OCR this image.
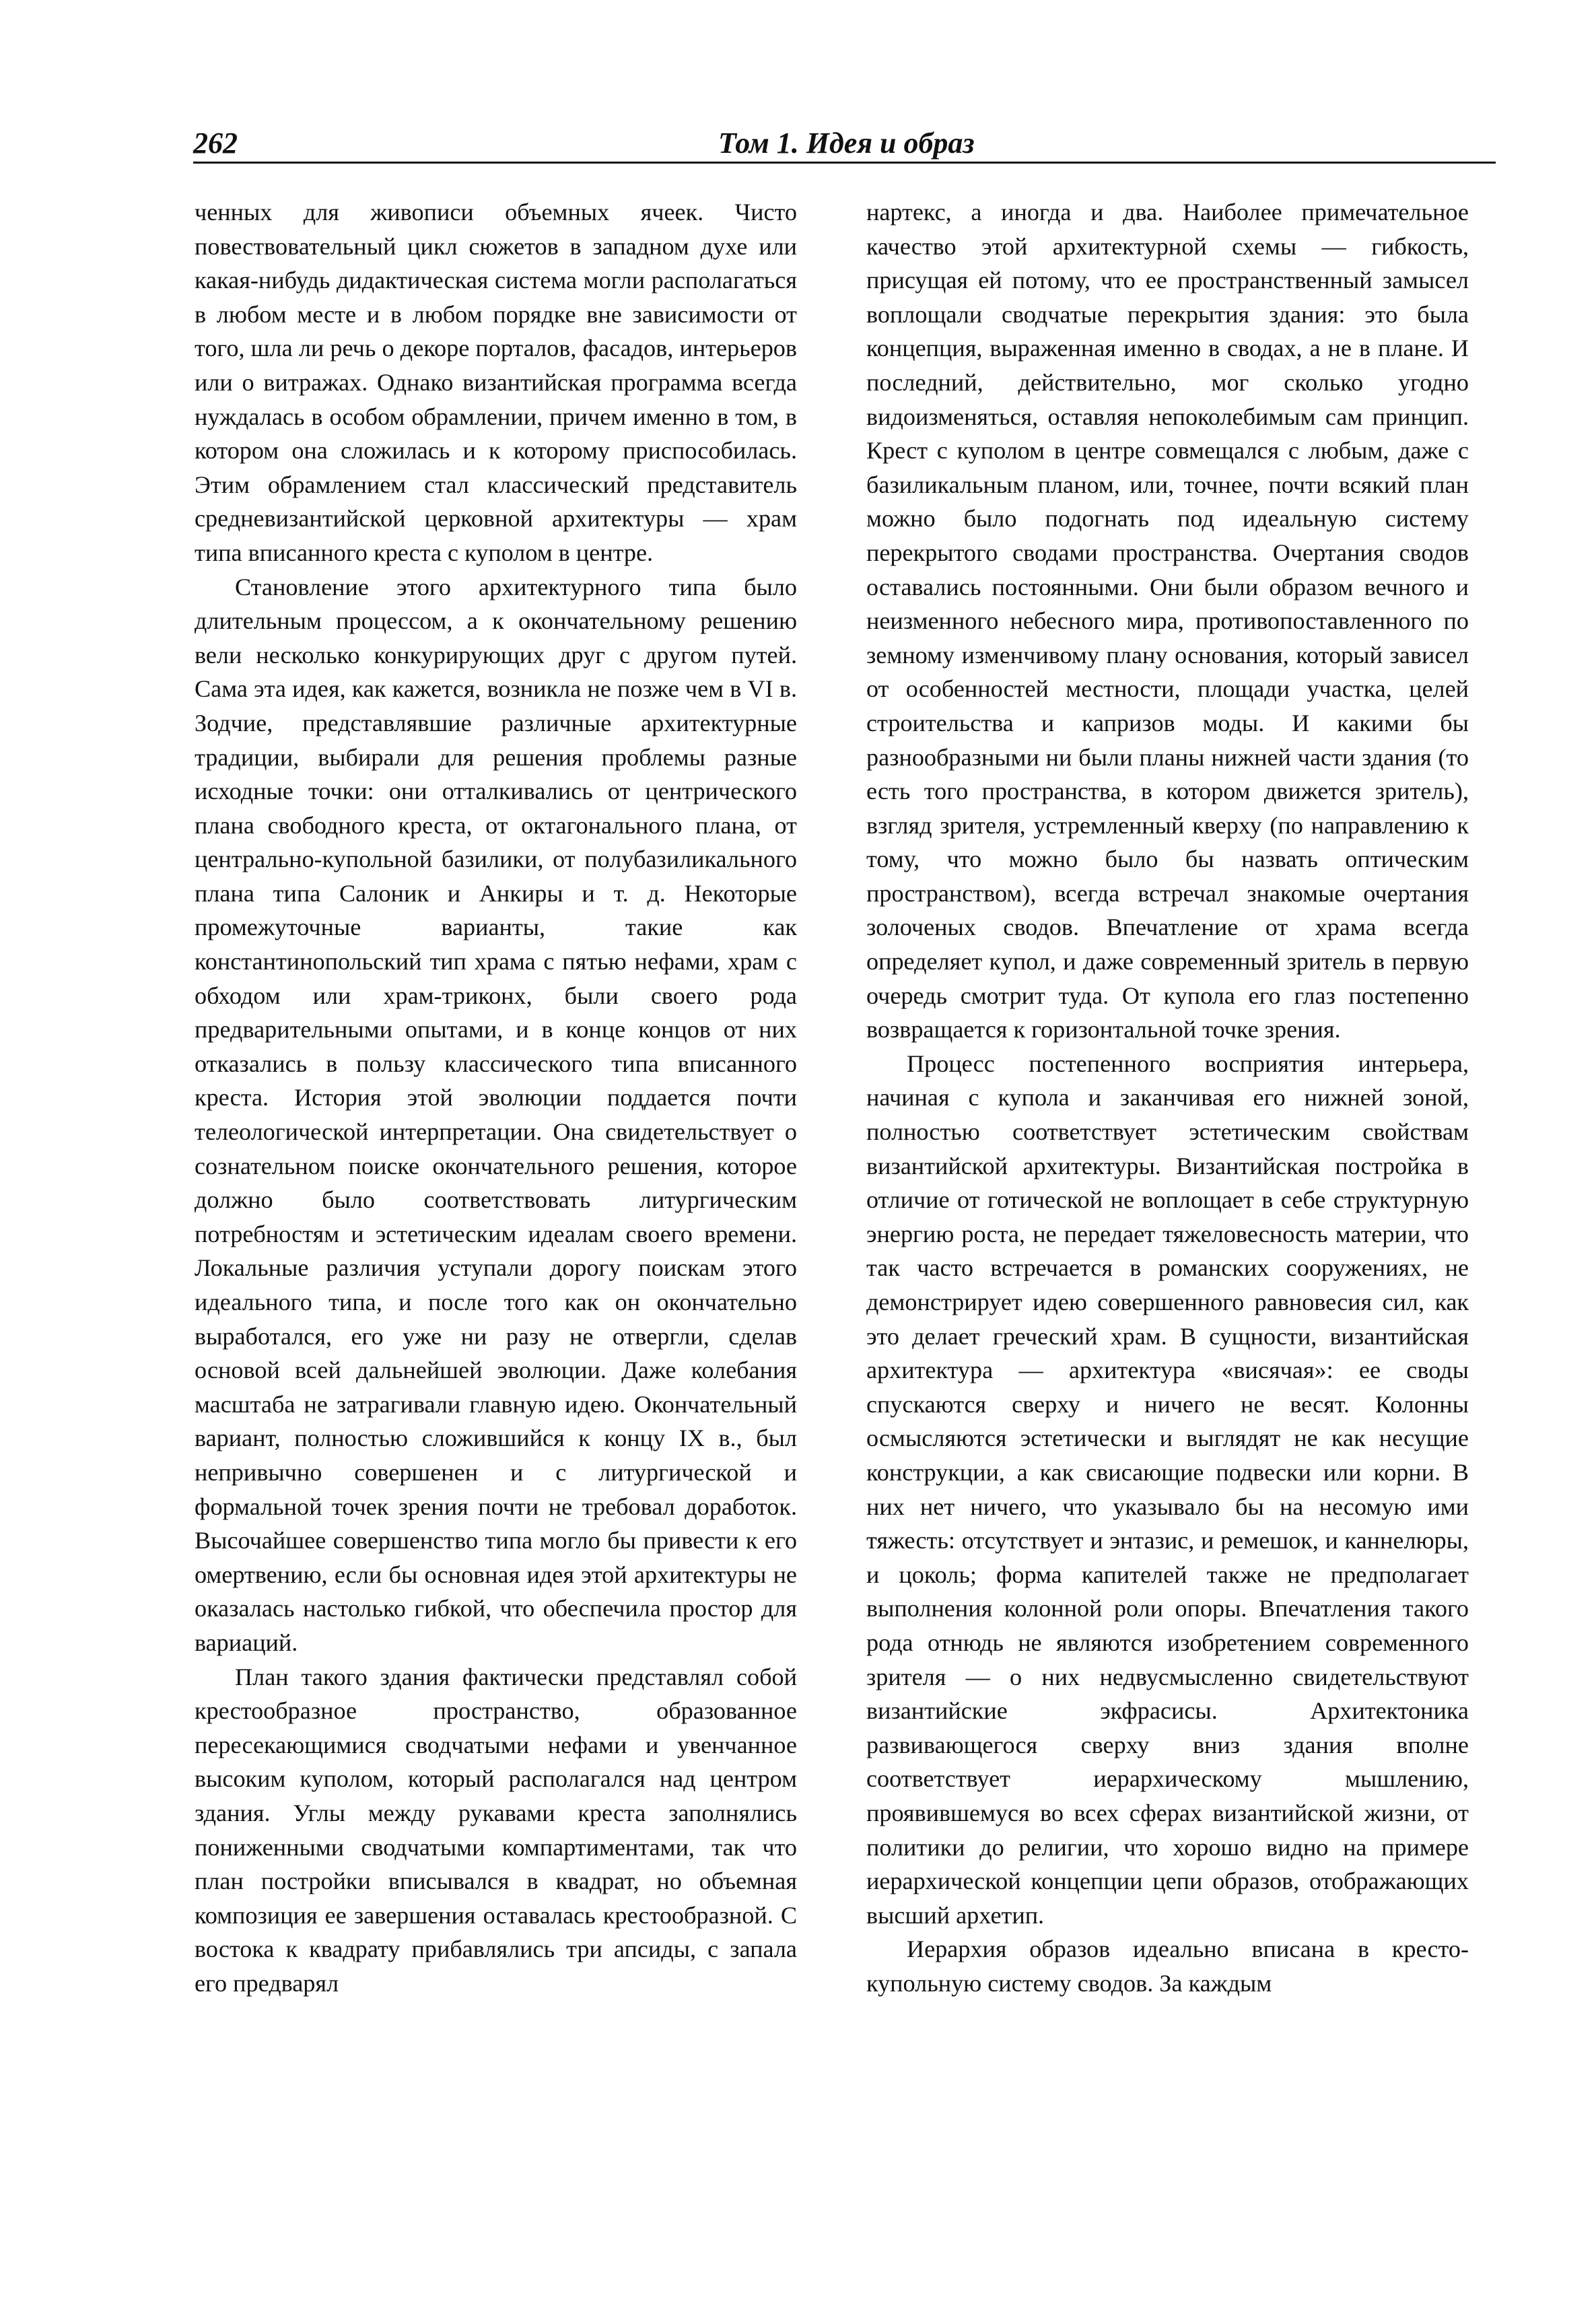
262	Том 1. Идея и образ

ченных для живописи объемных ячеек. Чисто повествовательный цикл сюжетов в западном духе или какая-нибудь дидактическая система могли располагаться в любом месте и в любом порядке вне зависимости от того, шла ли речь о декоре порталов, фасадов, интерьеров или о витражах. Однако византийская программа всегда нуждалась в особом обрамлении, причем именно в том, в котором она сложилась и к которому приспособилась. Этим обрамлением стал классический представитель средневизантийской церковной архитектуры — храм типа вписанного креста с куполом в центре.

Становление этого архитектурного типа было длительным процессом, а к окончательному решению вели несколько конкурирующих друг с другом путей. Сама эта идея, как кажется, возникла не позже чем в VI в. Зодчие, представлявшие различные архитектурные традиции, выбирали для решения проблемы разные исходные точки: они отталкивались от центрического плана свободного креста, от октагонального плана, от центрально-купольной базилики, от полубазиликального плана типа Салоник и Анкиры и т. д. Некоторые промежуточные варианты, такие как константинопольский тип храма с пятью нефами, храм с обходом или храм-триконх, были своего рода предварительными опытами, и в конце концов от них отказались в пользу классического типа вписанного креста. История этой эволюции поддается почти телеологической интерпретации. Она свидетельствует о сознательном поиске окончательного решения, которое должно было соответствовать литургическим потребностям и эстетическим идеалам своего времени. Локальные различия уступали дорогу поискам этого идеального типа, и после того как он окончательно выработался, его уже ни разу не отвергли, сделав основой всей дальнейшей эволюции. Даже колебания масштаба не затрагивали главную идею. Окончательный вариант, полностью сложившийся к концу IX в., был непривычно совершенен и с литургической и формальной точек зрения почти не требовал доработок. Высочайшее совершенство типа могло бы привести к его омертвению, если бы основная идея этой архитектуры не оказалась настолько гибкой, что обеспечила простор для вариаций.

План такого здания фактически представлял собой крестообразное пространство, образованное пересекающимися сводчатыми нефами и увенчанное высоким куполом, который располагался над центром здания. Углы между рукавами креста заполнялись пониженными сводчатыми компартиментами, так что план постройки вписывался в квадрат, но объемная композиция ее завершения оставалась крестообразной. С востока к квадрату прибавлялись три апсиды, с запала его предварял

нартекс, а иногда и два. Наиболее примечательное качество этой архитектурной схемы — гибкость, присущая ей потому, что ее пространственный замысел воплощали сводчатые перекрытия здания: это была концепция, выраженная именно в сводах, а не в плане. И последний, действительно, мог сколько угодно видоизменяться, оставляя непоколебимым сам принцип. Крест с куполом в центре совмещался с любым, даже с базиликальным планом, или, точнее, почти всякий план можно было подогнать под идеальную систему перекрытого сводами пространства. Очертания сводов оставались постоянными. Они были образом вечного и неизменного небесного мира, противопоставленного по земному изменчивому плану основания, который зависел от особенностей местности, площади участка, целей строительства и капризов моды. И какими бы разнообразными ни были планы нижней части здания (то есть того пространства, в котором движется зритель), взгляд зрителя, устремленный кверху (по направлению к тому, что можно было бы назвать оптическим пространством), всегда встречал знакомые очертания золоченых сводов. Впечатление от храма всегда определяет купол, и даже современный зритель в первую очередь смотрит туда. От купола его глаз постепенно возвращается к горизонтальной точке зрения.

Процесс постепенного восприятия интерьера, начиная с купола и заканчивая его нижней зоной, полностью соответствует эстетическим свойствам византийской архитектуры. Византийская постройка в отличие от готической не воплощает в себе структурную энергию роста, не передает тяжеловесность материи, что так часто встречается в романских сооружениях, не демонстрирует идею совершенного равновесия сил, как это делает греческий храм. В сущности, византийская архитектура — архитектура «висячая»: ее своды спускаются сверху и ничего не весят. Колонны осмысляются эстетически и выглядят не как несущие конструкции, а как свисающие подвески или корни. В них нет ничего, что указывало бы на несомую ими тяжесть: отсутствует и энтазис, и ремешок, и каннелюры, и цоколь; форма капителей также не предполагает выполнения колонной роли опоры. Впечатления такого рода отнюдь не являются изобретением современного зрителя — о них недвусмысленно свидетельствуют византийские экфрасисы. Архитектоника развивающегося сверху вниз здания вполне соответствует иерархическому мышлению, проявившемуся во всех сферах византийской жизни, от политики до религии, что хорошо видно на примере иерархической концепции цепи образов, отображающих высший архетип.

Иерархия образов идеально вписана в кресто-купольную систему сводов. За каждым
